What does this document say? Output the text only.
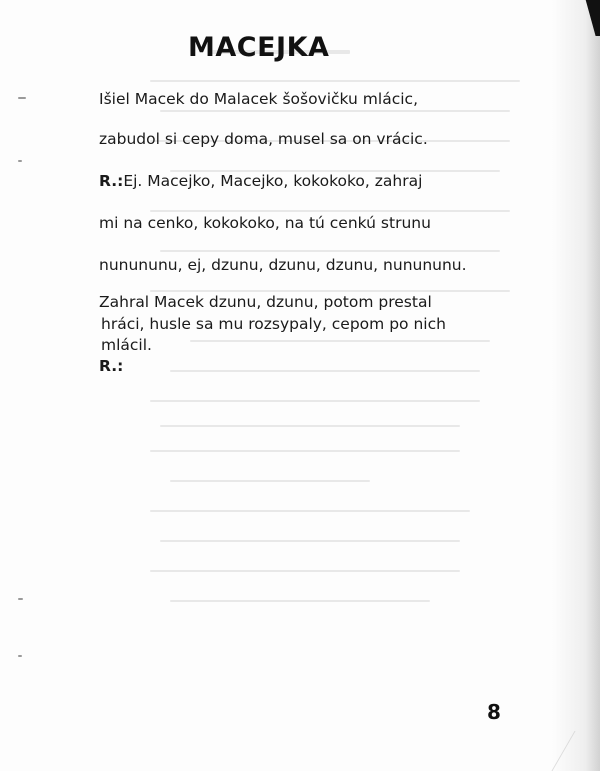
MACEJKA

Išiel Macek do Malacek šošovičku mlácic,

zabudol si cepy doma, musel sa on vrácic.

R.:Ej. Macejko, Macejko, kokokoko, zahraj

mi na cenko, kokokoko, na tú cenkú strunu

nunununu, ej, dzunu, dzunu, dzunu, nunununu.

Zahral Macek dzunu, dzunu, potom prestal

hráci, husle sa mu rozsypaly, cepom po nich

mlácil.

R.:

8
